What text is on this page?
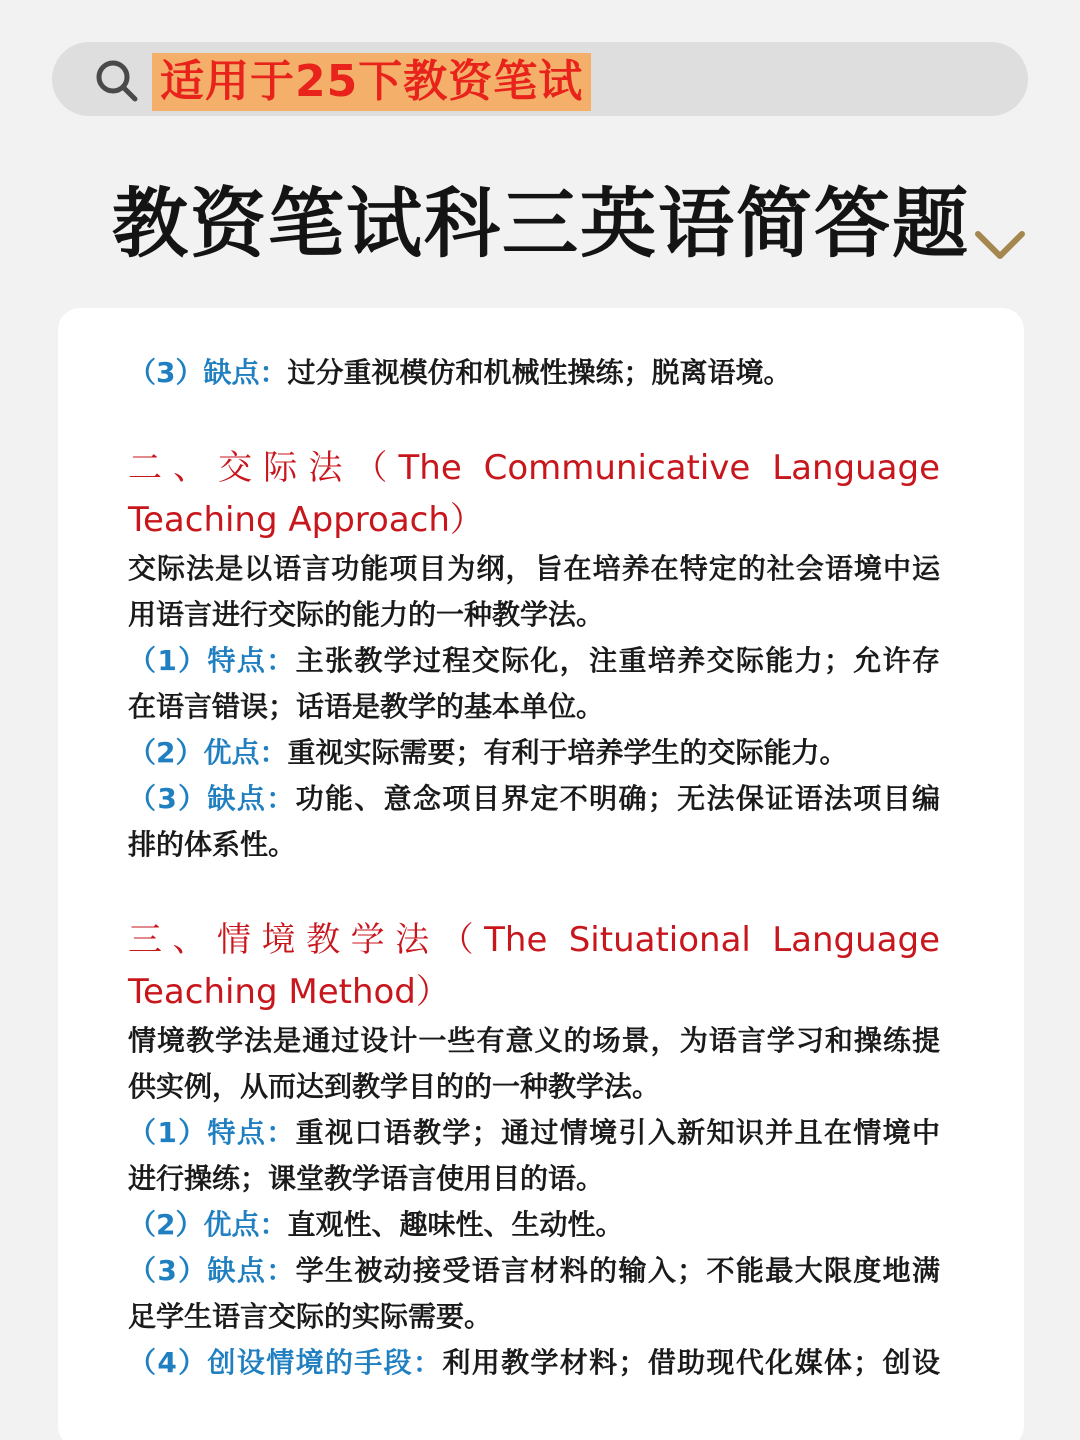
适用于25下教资笔试
教资笔试科三英语简答题
（3）缺点：过分重视模仿和机械性操练；脱离语境。
二、交际法（The Communicative Language
Teaching Approach）
交际法是以语言功能项目为纲，旨在培养在特定的社会语境中运
用语言进行交际的能力的一种教学法。
（1）特点：主张教学过程交际化，注重培养交际能力；允许存
在语言错误；话语是教学的基本单位。
（2）优点：重视实际需要；有利于培养学生的交际能力。
（3）缺点：功能、意念项目界定不明确；无法保证语法项目编
排的体系性。
三、情境教学法（The Situational Language
Teaching Method）
情境教学法是通过设计一些有意义的场景，为语言学习和操练提
供实例，从而达到教学目的的一种教学法。
（1）特点：重视口语教学；通过情境引入新知识并且在情境中
进行操练；课堂教学语言使用目的语。
（2）优点：直观性、趣味性、生动性。
（3）缺点：学生被动接受语言材料的输入；不能最大限度地满
足学生语言交际的实际需要。
（4）创设情境的手段：利用教学材料；借助现代化媒体；创设
